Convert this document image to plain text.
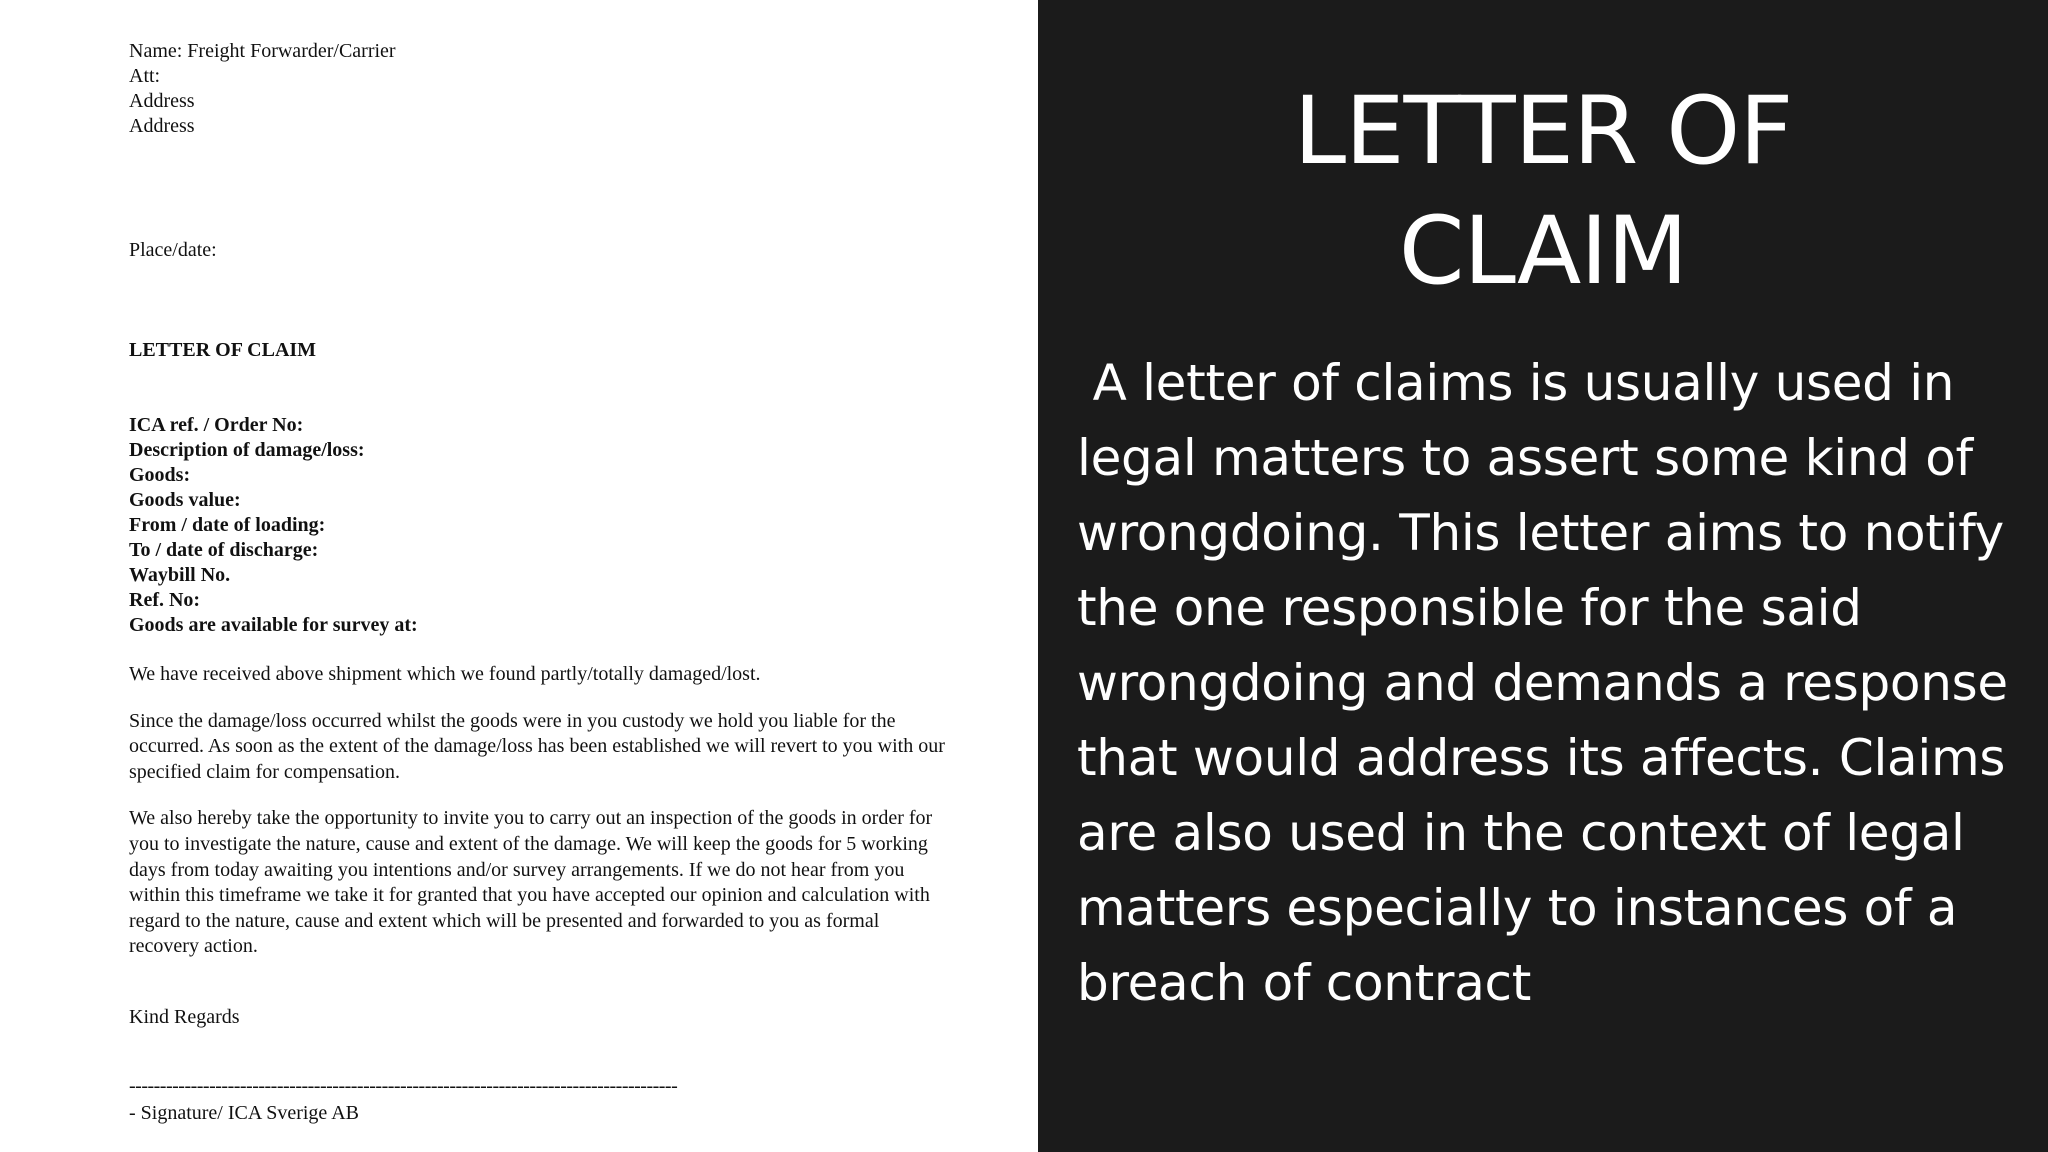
Name: Freight Forwarder/Carrier
Att:
Address
Address
Place/date:
LETTER OF CLAIM
ICA ref. / Order No:
Description of damage/loss:
Goods:
Goods value:
From / date of loading:
To / date of discharge:
Waybill No.
Ref. No:
Goods are available for survey at:
We have received above shipment which we found partly/totally damaged/lost.
Since the damage/loss occurred whilst the goods were in you custody we hold you liable for the occurred. As soon as the extent of the damage/loss has been established we will revert to you with our specified claim for compensation.
We also hereby take the opportunity to invite you to carry out an inspection of the goods in order for you to investigate the nature, cause and extent of the damage. We will keep the goods for 5 working days from today awaiting you intentions and/or survey arrangements. If we do not hear from you within this timeframe we take it for granted that you have accepted our opinion and calculation with regard to the nature, cause and extent which will be presented and forwarded to you as formal recovery action.
Kind Regards
-----------------------------------------------------------------------------------------
- Signature/ ICA Sverige AB
LETTER OF
CLAIM
A letter of claims is usually used in legal matters to assert some kind of wrongdoing. This letter aims to notify the one responsible for the said wrongdoing and demands a response that would address its affects. Claims are also used in the context of legal matters especially to instances of a breach of contract
